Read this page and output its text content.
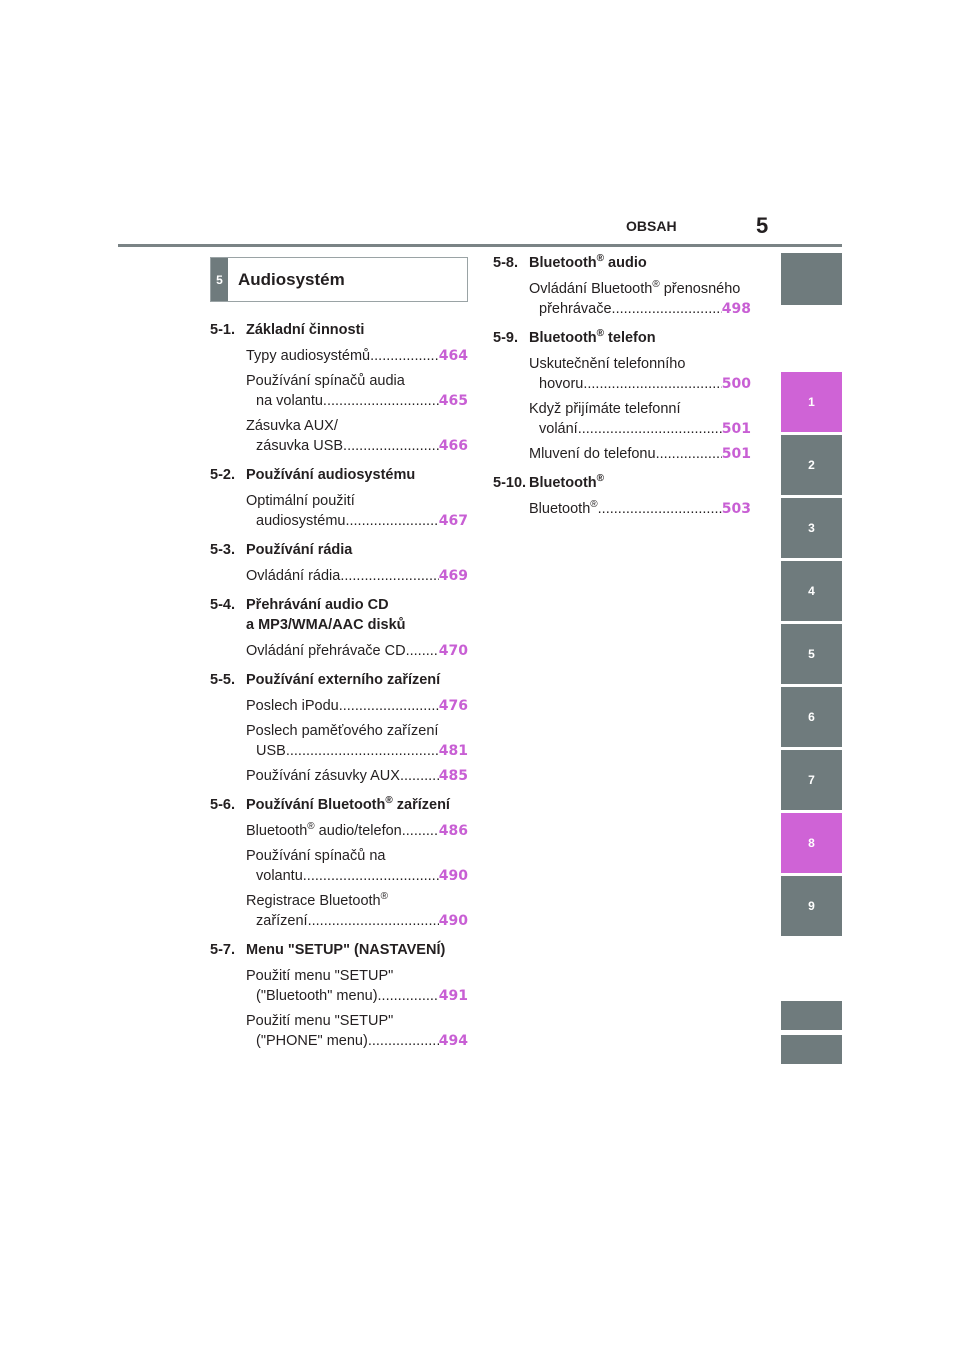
OBSAH	5
5 Audiosystém
5-1. Základní činnosti
Typy audiosystémů .....	464
Používání spínačů audia
na volantu .....	465
Zásuvka AUX/
zásuvka USB .....	466
5-2. Používání audiosystému
Optimální použití
audiosystému .....	467
5-3. Používání rádia
Ovládání rádia .....	469
5-4. Přehrávání audio CD
a MP3/WMA/AAC disků
Ovládání přehrávače CD ..... 470
5-5. Používání externího zařízení
Poslech iPodu .....	476
Poslech paměťového zařízení
USB .....	481
Používání zásuvky AUX .....	485
5-6. Používání Bluetooth® zařízení
Bluetooth® audio/telefon .....	486
Používání spínačů na
volantu .....	490
Registrace Bluetooth®
zařízení .....	490
5-7. Menu "SETUP" (NASTAVENÍ)
Použití menu "SETUP"
("Bluetooth" menu) .....	491
Použití menu "SETUP"
("PHONE" menu) .....	494
5-8. Bluetooth® audio
Ovládání Bluetooth® přenosného
přehrávače .....	498
5-9. Bluetooth® telefon
Uskutečnění telefonního
hovoru .....	500
Když přijímáte telefonní
volání .....	501
Mluvení do telefonu .....	501
5-10. Bluetooth®
Bluetooth® .....	503
1
2
3
4
5
6
7
8
9
